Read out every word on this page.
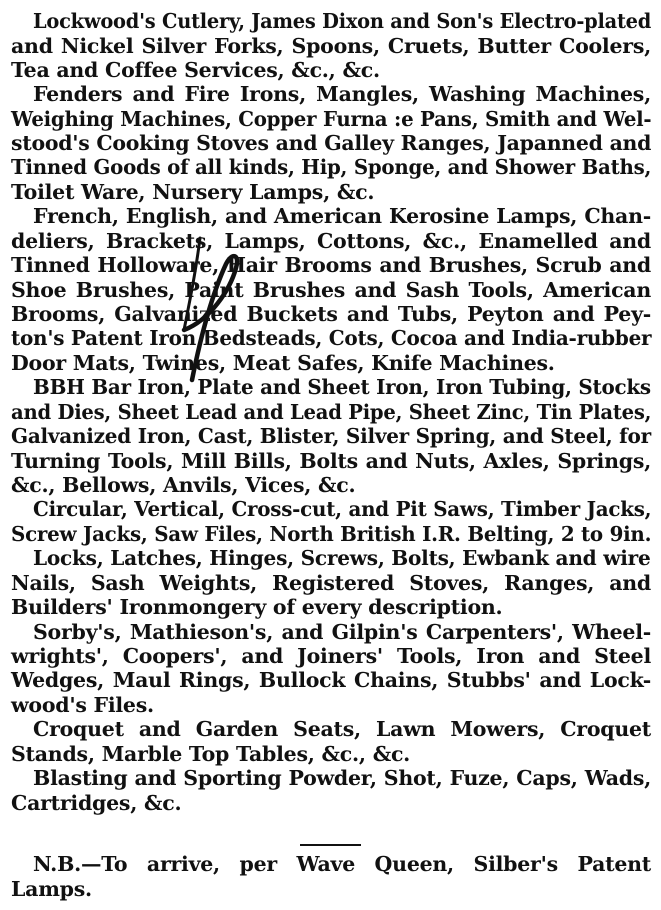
Lockwood's Cutlery, James Dixon and Son's Electro-plated
and Nickel Silver Forks, Spoons, Cruets, Butter Coolers,
Tea and Coffee Services, &c., &c.
Fenders and Fire Irons, Mangles, Washing Machines,
Weighing Machines, Copper Furna :e Pans, Smith and Wel-
stood's Cooking Stoves and Galley Ranges, Japanned and
Tinned Goods of all kinds, Hip, Sponge, and Shower Baths,
Toilet Ware, Nursery Lamps, &c.
French, English, and American Kerosine Lamps, Chan-
deliers, Brackets, Lamps, Cottons, &c., Enamelled and
Tinned Holloware, Hair Brooms and Brushes, Scrub and
Shoe Brushes, Paint Brushes and Sash Tools, American
Brooms, Galvanized Buckets and Tubs, Peyton and Pey-
ton's Patent Iron Bedsteads, Cots, Cocoa and India-rubber
Door Mats, Twines, Meat Safes, Knife Machines.
BBH Bar Iron, Plate and Sheet Iron, Iron Tubing, Stocks
and Dies, Sheet Lead and Lead Pipe, Sheet Zinc, Tin Plates,
Galvanized Iron, Cast, Blister, Silver Spring, and Steel, for
Turning Tools, Mill Bills, Bolts and Nuts, Axles, Springs,
&c., Bellows, Anvils, Vices, &c.
Circular, Vertical, Cross-cut, and Pit Saws, Timber Jacks,
Screw Jacks, Saw Files, North British I.R. Belting, 2 to 9in.
Locks, Latches, Hinges, Screws, Bolts, Ewbank and wire
Nails, Sash Weights, Registered Stoves, Ranges, and
Builders' Ironmongery of every description.
Sorby's, Mathieson's, and Gilpin's Carpenters', Wheel-
wrights', Coopers', and Joiners' Tools, Iron and Steel
Wedges, Maul Rings, Bullock Chains, Stubbs' and Lock-
wood's Files.
Croquet and Garden Seats, Lawn Mowers, Croquet
Stands, Marble Top Tables, &c., &c.
Blasting and Sporting Powder, Shot, Fuze, Caps, Wads,
Cartridges, &c.
N.B.—To arrive, per Wave Queen, Silber's Patent
Lamps.
